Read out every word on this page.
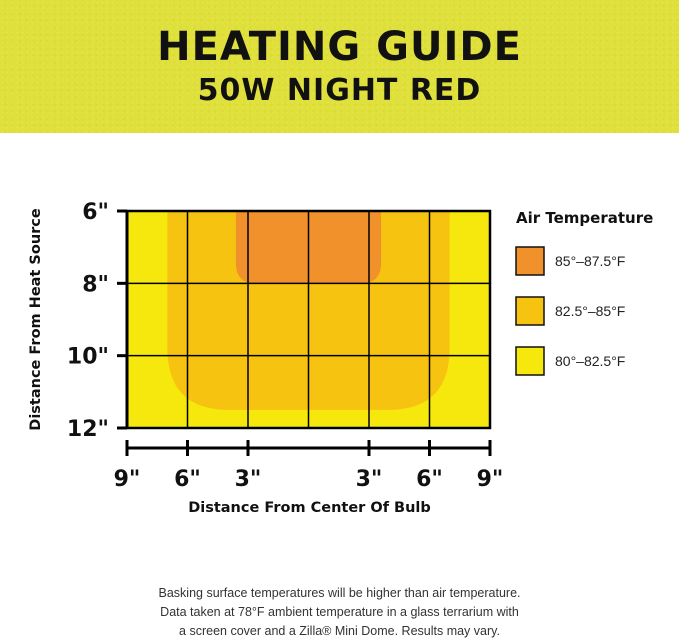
HEATING GUIDE
50W NIGHT RED
6"
8"
10"
12"
Distance From Heat Source
9" 6" 3"	3" 6" 9"
Distance From Center Of Bulb
Air Temperature
85°–87.5°F
82.5°–85°F
80°–82.5°F

Basking surface temperatures will be higher than air temperature.

Data taken at 78°F ambient temperature in a glass terrarium with

a screen cover and a Zilla® Mini Dome. Results may vary.
